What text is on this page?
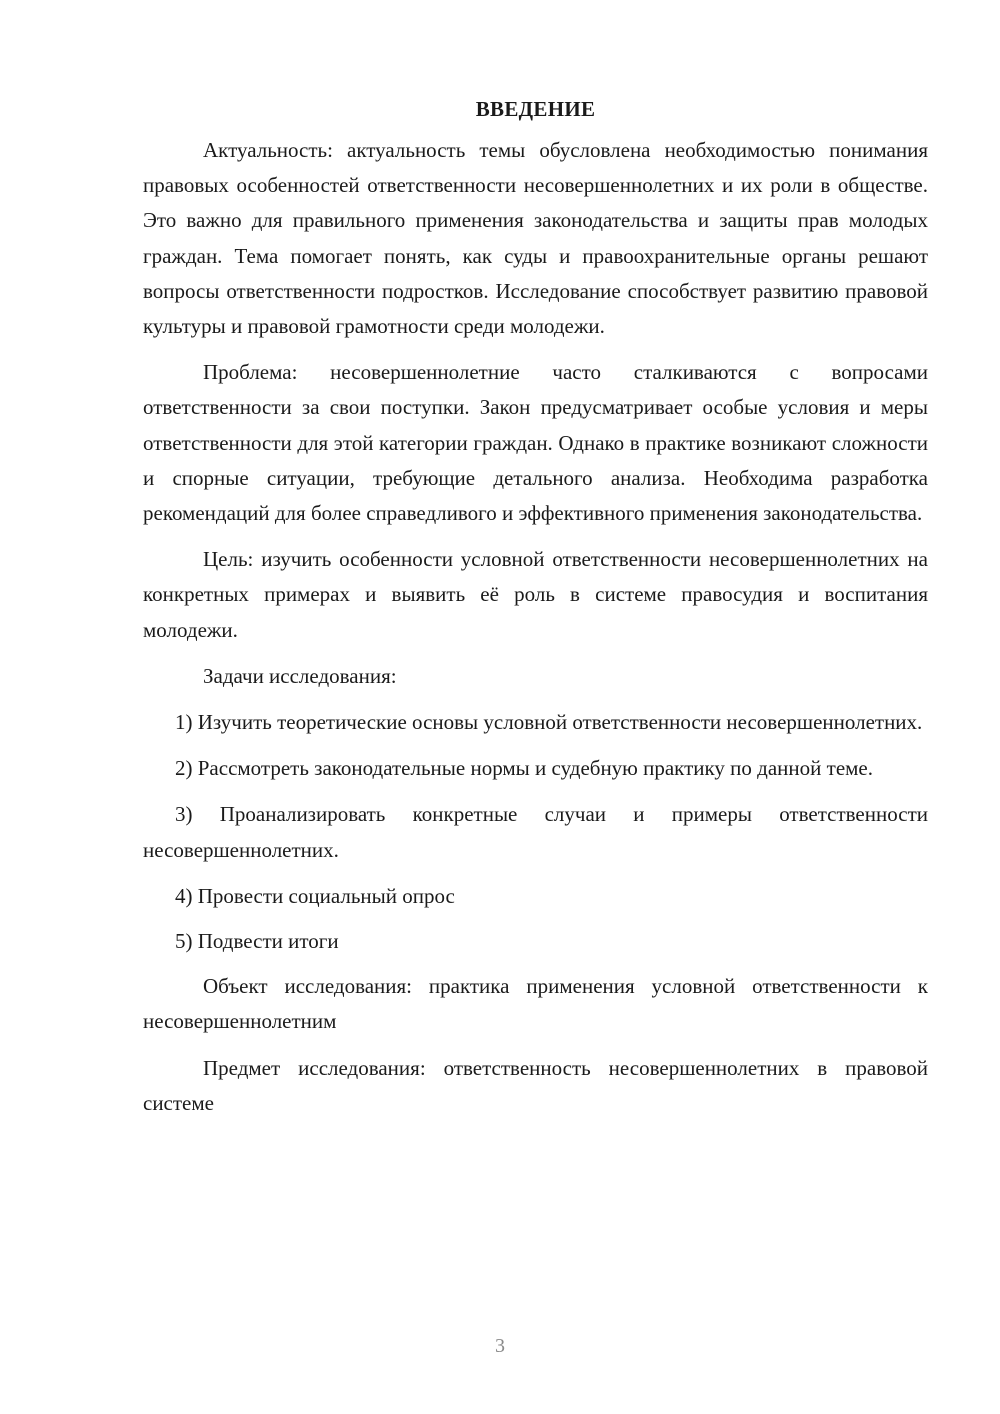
ВВЕДЕНИЕ

Актуальность: актуальность темы обусловлена необходимостью понимания правовых особенностей ответственности несовершеннолетних и их роли в обществе. Это важно для правильного применения законодательства и защиты прав молодых граждан. Тема помогает понять, как суды и правоохранительные органы решают вопросы ответственности подростков. Исследование способствует развитию правовой культуры и правовой грамотности среди молодежи.

Проблема: несовершеннолетние часто сталкиваются с вопросами ответственности за свои поступки. Закон предусматривает особые условия и меры ответственности для этой категории граждан. Однако в практике возникают сложности и спорные ситуации, требующие детального анализа. Необходима разработка рекомендаций для более справедливого и эффективного применения законодательства.

Цель: изучить особенности условной ответственности несовершеннолетних на конкретных примерах и выявить её роль в системе правосудия и воспитания молодежи.

Задачи исследования:

1) Изучить теоретические основы условной ответственности несовершеннолетних.

2) Рассмотреть законодательные нормы и судебную практику по данной теме.

3) Проанализировать конкретные случаи и примеры ответственности несовершеннолетних.

4) Провести социальный опрос

5) Подвести итоги

Объект исследования: практика применения условной ответственности к несовершеннолетним

Предмет исследования: ответственность несовершеннолетних в правовой системе

3
